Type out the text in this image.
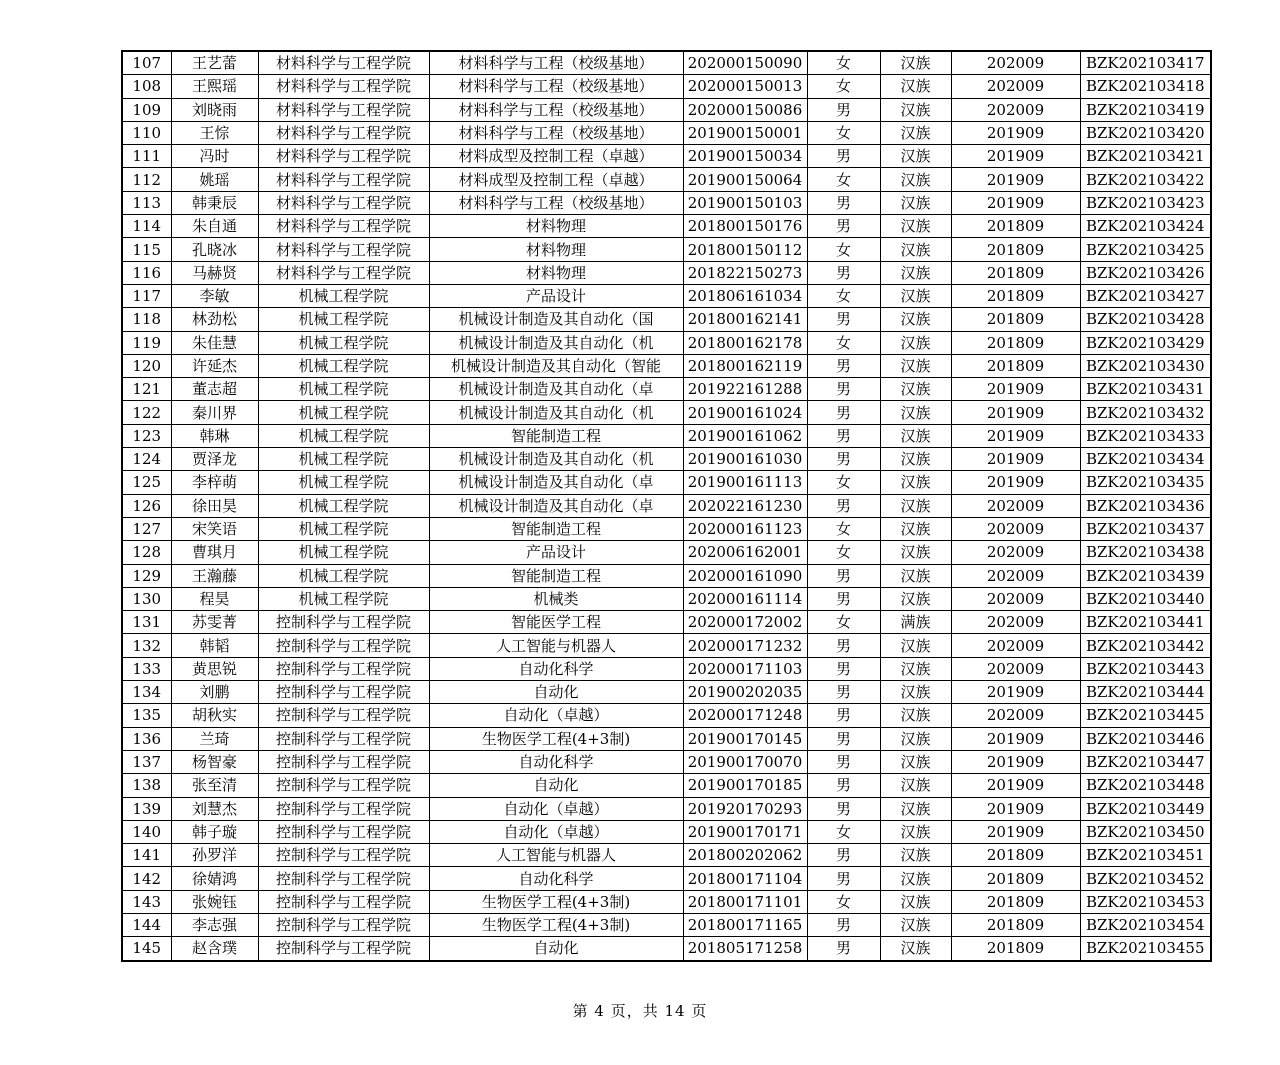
107	王艺蕾	材料科学与工程学院	材料科学与工程（校级基地）	202000150090	女	汉族	202009	BZK202103417
108	王熙瑶	材料科学与工程学院	材料科学与工程（校级基地）	202000150013	女	汉族	202009	BZK202103418
109	刘晓雨	材料科学与工程学院	材料科学与工程（校级基地）	202000150086	男	汉族	202009	BZK202103419
110	王悰	材料科学与工程学院	材料科学与工程（校级基地）	201900150001	女	汉族	201909	BZK202103420
111	冯时	材料科学与工程学院	材料成型及控制工程（卓越）	201900150034	男	汉族	201909	BZK202103421
112	姚瑶	材料科学与工程学院	材料成型及控制工程（卓越）	201900150064	女	汉族	201909	BZK202103422
113	韩秉辰	材料科学与工程学院	材料科学与工程（校级基地）	201900150103	男	汉族	201909	BZK202103423
114	朱自通	材料科学与工程学院	材料物理	201800150176	男	汉族	201809	BZK202103424
115	孔晓冰	材料科学与工程学院	材料物理	201800150112	女	汉族	201809	BZK202103425
116	马赫贤	材料科学与工程学院	材料物理	201822150273	男	汉族	201809	BZK202103426
117	李敏	机械工程学院	产品设计	201806161034	女	汉族	201809	BZK202103427
118	林劲松	机械工程学院	机械设计制造及其自动化（国	201800162141	男	汉族	201809	BZK202103428
119	朱佳慧	机械工程学院	机械设计制造及其自动化（机	201800162178	女	汉族	201809	BZK202103429
120	许延杰	机械工程学院	机械设计制造及其自动化（智能	201800162119	男	汉族	201809	BZK202103430
121	董志超	机械工程学院	机械设计制造及其自动化（卓	201922161288	男	汉族	201909	BZK202103431
122	秦川界	机械工程学院	机械设计制造及其自动化（机	201900161024	男	汉族	201909	BZK202103432
123	韩琳	机械工程学院	智能制造工程	201900161062	男	汉族	201909	BZK202103433
124	贾泽龙	机械工程学院	机械设计制造及其自动化（机	201900161030	男	汉族	201909	BZK202103434
125	李梓萌	机械工程学院	机械设计制造及其自动化（卓	201900161113	女	汉族	201909	BZK202103435
126	徐田昊	机械工程学院	机械设计制造及其自动化（卓	202022161230	男	汉族	202009	BZK202103436
127	宋笑语	机械工程学院	智能制造工程	202000161123	女	汉族	202009	BZK202103437
128	曹琪月	机械工程学院	产品设计	202006162001	女	汉族	202009	BZK202103438
129	王瀚藤	机械工程学院	智能制造工程	202000161090	男	汉族	202009	BZK202103439
130	程昊	机械工程学院	机械类	202000161114	男	汉族	202009	BZK202103440
131	苏雯菁	控制科学与工程学院	智能医学工程	202000172002	女	满族	202009	BZK202103441
132	韩韬	控制科学与工程学院	人工智能与机器人	202000171232	男	汉族	202009	BZK202103442
133	黄思锐	控制科学与工程学院	自动化科学	202000171103	男	汉族	202009	BZK202103443
134	刘鹏	控制科学与工程学院	自动化	201900202035	男	汉族	201909	BZK202103444
135	胡秋实	控制科学与工程学院	自动化（卓越）	202000171248	男	汉族	202009	BZK202103445
136	兰琦	控制科学与工程学院	生物医学工程(4+3制)	201900170145	男	汉族	201909	BZK202103446
137	杨智豪	控制科学与工程学院	自动化科学	201900170070	男	汉族	201909	BZK202103447
138	张至清	控制科学与工程学院	自动化	201900170185	男	汉族	201909	BZK202103448
139	刘慧杰	控制科学与工程学院	自动化（卓越）	201920170293	男	汉族	201909	BZK202103449
140	韩子璇	控制科学与工程学院	自动化（卓越）	201900170171	女	汉族	201909	BZK202103450
141	孙罗洋	控制科学与工程学院	人工智能与机器人	201800202062	男	汉族	201809	BZK202103451
142	徐婧鸿	控制科学与工程学院	自动化科学	201800171104	男	汉族	201809	BZK202103452
143	张婉钰	控制科学与工程学院	生物医学工程(4+3制)	201800171101	女	汉族	201809	BZK202103453
144	李志强	控制科学与工程学院	生物医学工程(4+3制)	201800171165	男	汉族	201809	BZK202103454
145	赵含璞	控制科学与工程学院	自动化	201805171258	男	汉族	201809	BZK202103455
第 4 页，共 14 页
